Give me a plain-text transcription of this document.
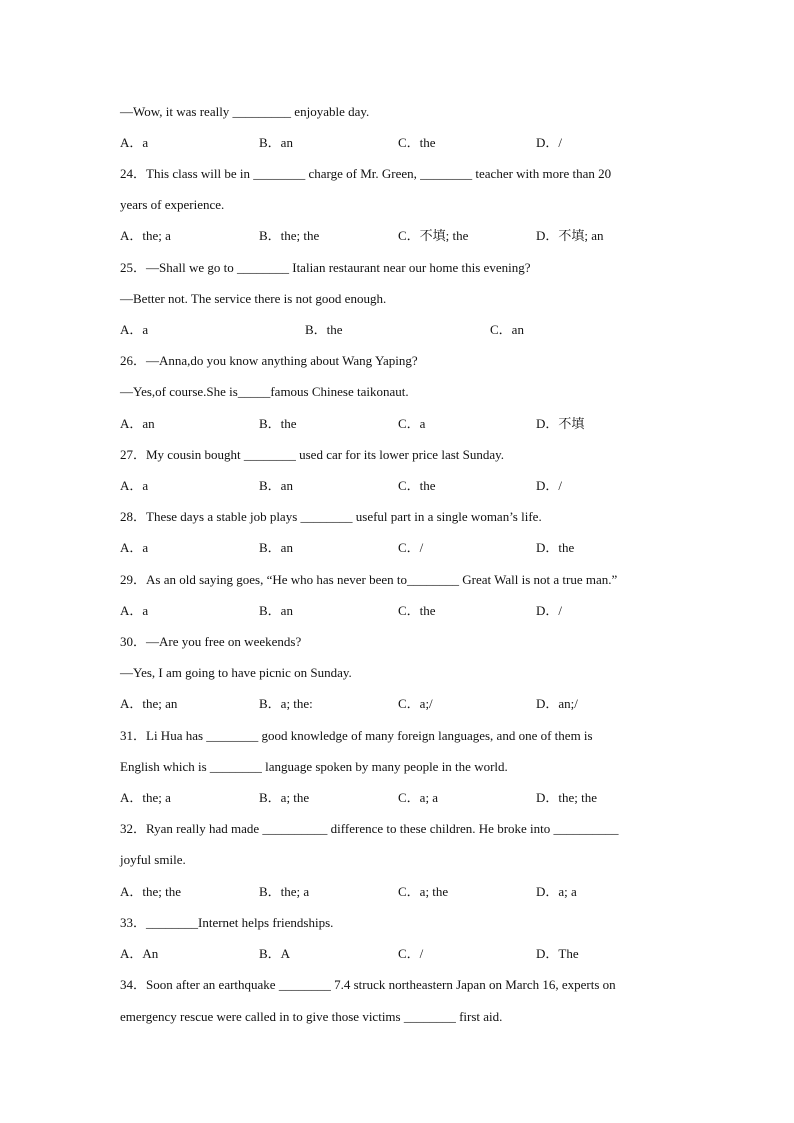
—Wow, it was really _________ enjoyable day.
A．a	B．an	C．the	D．/
24．This class will be in ________ charge of Mr. Green, ________ teacher with more than 20
years of experience.
A．the; a	B．the; the	C．不填; the	D．不填; an
25．—Shall we go to ________ Italian restaurant near our home this evening?
—Better not. The service there is not good enough.
A．a	B．the	C．an
26．—Anna,do you know anything about Wang Yaping?
—Yes,of course.She is_____famous Chinese taikonaut.
A．an	B．the	C．a	D．不填
27．My cousin bought ________ used car for its lower price last Sunday.
A．a	B．an	C．the	D．/
28．These days a stable job plays ________ useful part in a single woman’s life.
A．a	B．an	C．/	D．the
29．As an old saying goes, “He who has never been to________ Great Wall is not a true man.”
A．a	B．an	C．the	D．/
30．—Are you free on weekends?
—Yes, I am going to have picnic on Sunday.
A．the; an	B．a; the:	C．a;/	D．an;/
31．Li Hua has ________ good knowledge of many foreign languages, and one of them is
English which is ________ language spoken by many people in the world.
A．the; a	B．a; the	C．a; a	D．the; the
32．Ryan really had made __________ difference to these children. He broke into __________
joyful smile.
A．the; the	B．the; a	C．a; the	D．a; a
33．________Internet helps friendships.
A．An	B．A	C．/	D．The
34．Soon after an earthquake ________ 7.4 struck northeastern Japan on March 16, experts on
emergency rescue were called in to give those victims ________ first aid.
